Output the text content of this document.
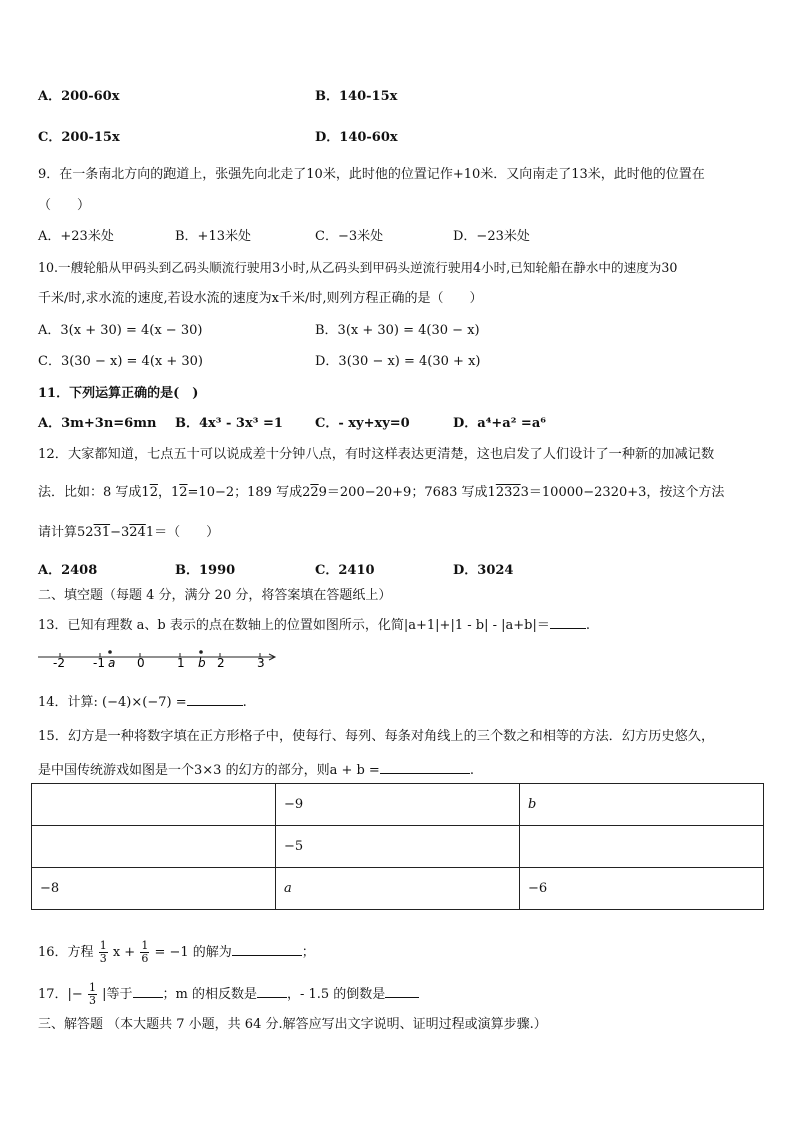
A．200-60x	B．140-15x
C．200-15x	D．140-60x
9．在一条南北方向的跑道上，张强先向北走了10米，此时他的位置记作+10米．又向南走了13米，此时他的位置在
（　　）
A．+23米处	B．+13米处	C．−3米处	D．−23米处
10.一艘轮船从甲码头到乙码头顺流行驶用3小时,从乙码头到甲码头逆流行驶用4小时,已知轮船在静水中的速度为30
千米/时,求水流的速度,若设水流的速度为x千米/时,则列方程正确的是（　　）
A．3(x + 30) = 4(x − 30)	B．3(x + 30) = 4(30 − x)
C．3(30 − x) = 4(x + 30)	D．3(30 − x) = 4(30 + x)
11．下列运算正确的是(　)
A．3m+3n=6mn B．4x³ - 3x³ =1 C．- xy+xy=0	D．a⁴+a² =a⁶
12．大家都知道，七点五十可以说成差十分钟八点，有时这样表达更清楚，这也启发了人们设计了一种新的加减记数
法．比如：8 写成12，12=10−2；189 写成229＝200−20+9；7683 写成12323＝10000−2320+3，按这个方法
请计算5231−3241＝（　　）
A．2408	B．1990	C．2410	D．3024
二、填空题（每题 4 分，满分 20 分，将答案填在答题纸上）
13．已知有理数 a、b 表示的点在数轴上的位置如图所示，化简|a+1|+|1 - b| - |a+b|＝	.
-2 -1	0	1	2	3
a	b
14．计算: (−4)×(−7) =	.
15．幻方是一种将数字填在正方形格子中，使每行、每列、每条对角线上的三个数之和相等的方法．幻方历史悠久，
是中国传统游戏如图是一个3×3 的幻方的部分，则a + b =	.
	−9	b
	−5	
−8	a	−6
16．方程 $\frac{1}{3}$ $x + \frac{1}{6} = -1$ 的解为	；
17．|− $\frac{1}{3}$ |等于 ；m 的相反数是 ，- 1.5 的倒数是
三、解答题 （本大题共 7 小题，共 64 分.解答应写出文字说明、证明过程或演算步骤.）
